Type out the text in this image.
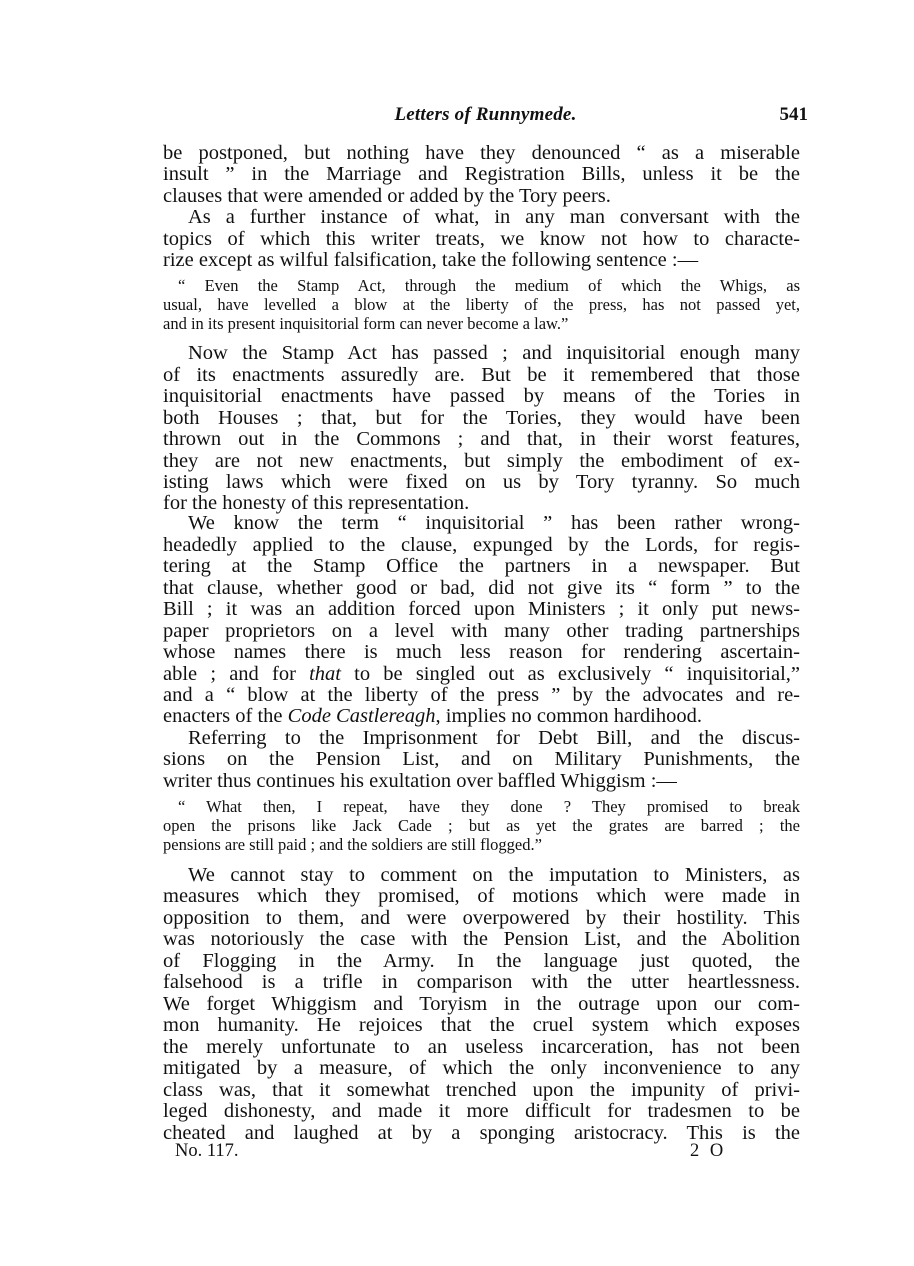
Letters of Runnymede.	541
be postponed, but nothing have they denounced “ as a miserable
insult ” in the Marriage and Registration Bills, unless it be the
clauses that were amended or added by the Tory peers.
As a further instance of what, in any man conversant with the
topics of which this writer treats, we know not how to characte-
rize except as wilful falsification, take the following sentence :—
“ Even the Stamp Act, through the medium of which the Whigs, as
usual, have levelled a blow at the liberty of the press, has not passed yet,
and in its present inquisitorial form can never become a law.”
Now the Stamp Act has passed ; and inquisitorial enough many
of its enactments assuredly are. But be it remembered that those
inquisitorial enactments have passed by means of the Tories in
both Houses ; that, but for the Tories, they would have been
thrown out in the Commons ; and that, in their worst features,
they are not new enactments, but simply the embodiment of ex-
isting laws which were fixed on us by Tory tyranny. So much
for the honesty of this representation.
We know the term “ inquisitorial ” has been rather wrong-
headedly applied to the clause, expunged by the Lords, for regis-
tering at the Stamp Office the partners in a newspaper. But
that clause, whether good or bad, did not give its “ form ” to the
Bill ; it was an addition forced upon Ministers ; it only put news-
paper proprietors on a level with many other trading partnerships
whose names there is much less reason for rendering ascertain-
able ; and for that to be singled out as exclusively “ inquisitorial,”
and a “ blow at the liberty of the press ” by the advocates and re-
enacters of the Code Castlereagh, implies no common hardihood.
Referring to the Imprisonment for Debt Bill, and the discus-
sions on the Pension List, and on Military Punishments, the
writer thus continues his exultation over baffled Whiggism :—
“ What then, I repeat, have they done ? They promised to break
open the prisons like Jack Cade ; but as yet the grates are barred ; the
pensions are still paid ; and the soldiers are still flogged.”
We cannot stay to comment on the imputation to Ministers, as
measures which they promised, of motions which were made in
opposition to them, and were overpowered by their hostility. This
was notoriously the case with the Pension List, and the Abolition
of Flogging in the Army. In the language just quoted, the
falsehood is a trifle in comparison with the utter heartlessness.
We forget Whiggism and Toryism in the outrage upon our com-
mon humanity. He rejoices that the cruel system which exposes
the merely unfortunate to an useless incarceration, has not been
mitigated by a measure, of which the only inconvenience to any
class was, that it somewhat trenched upon the impunity of privi-
leged dishonesty, and made it more difficult for tradesmen to be
cheated and laughed at by a sponging aristocracy. This is the
No. 117.	2 O
